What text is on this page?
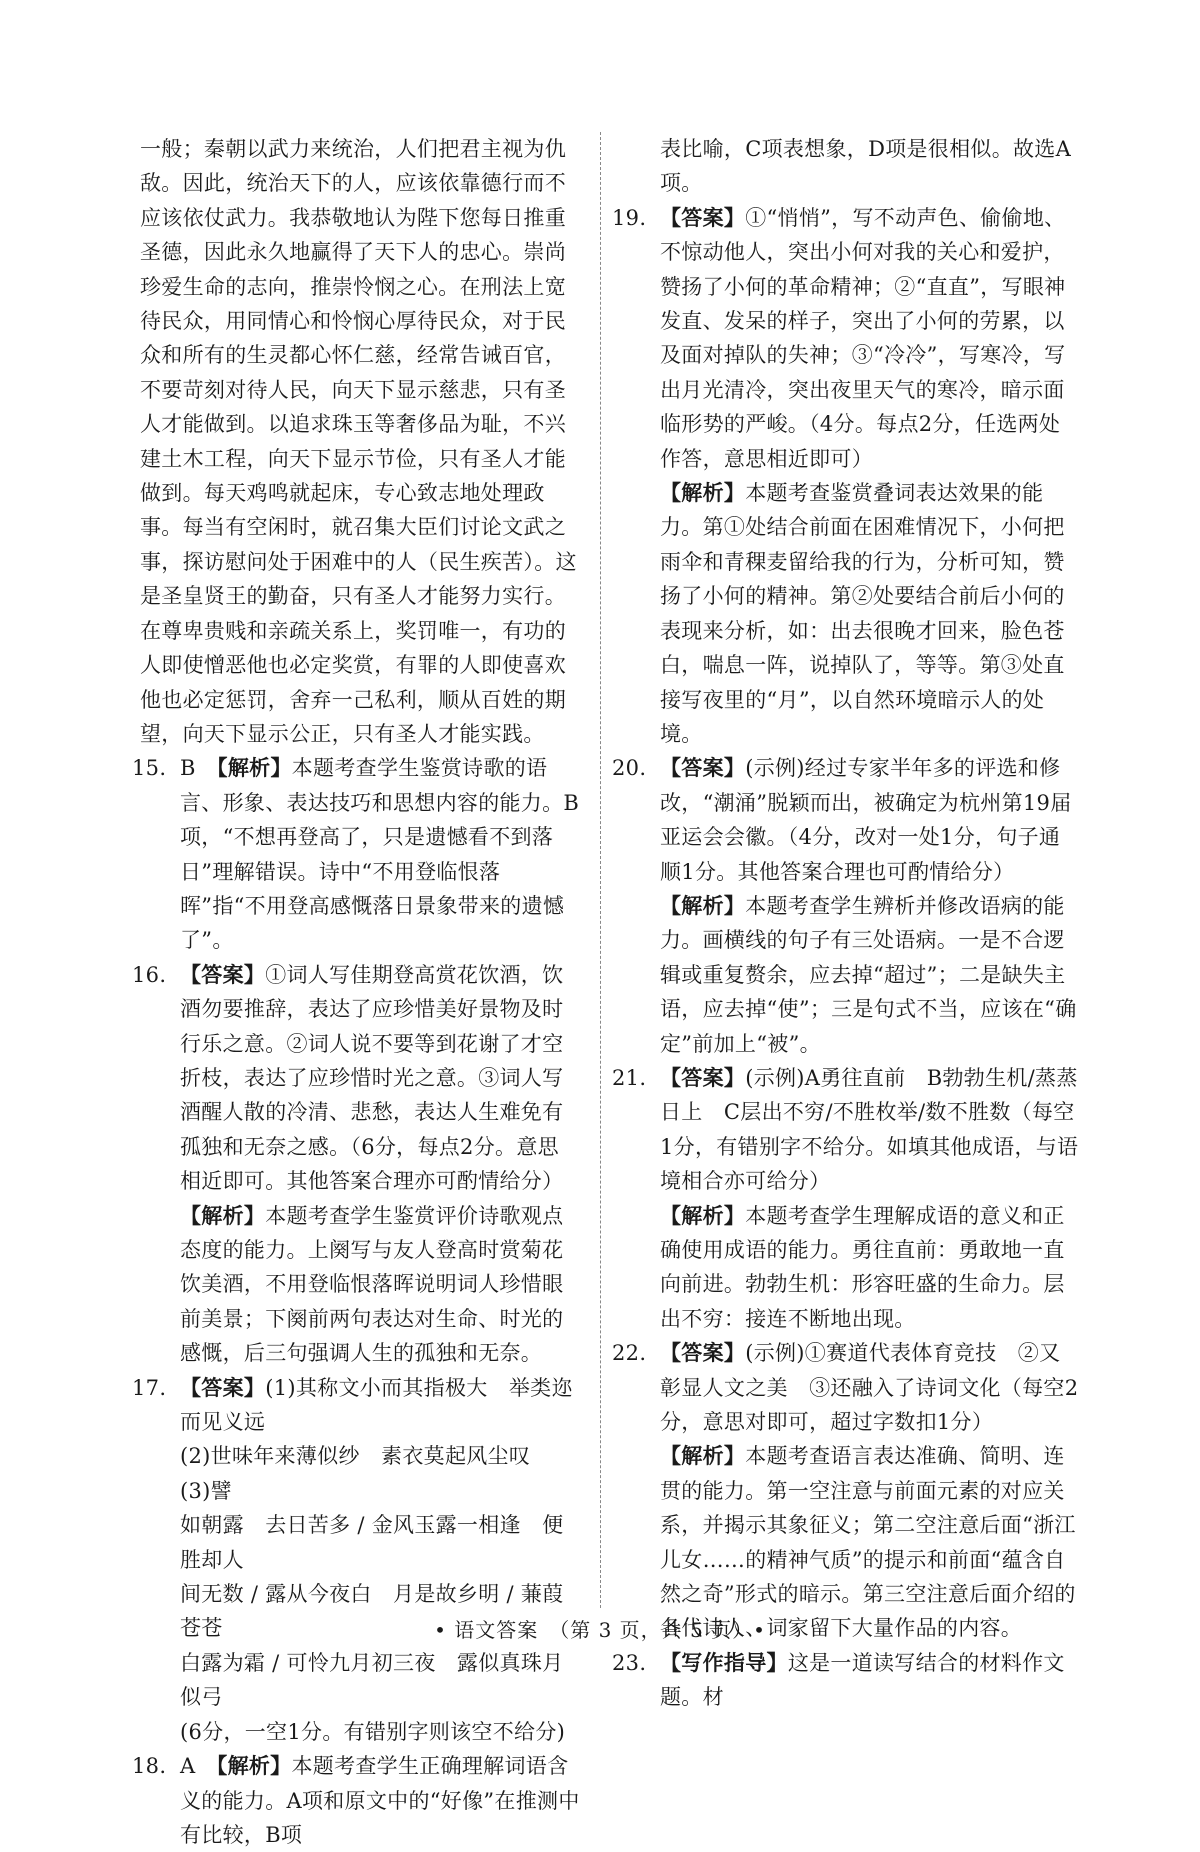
一般；秦朝以武力来统治，人们把君主视为仇敌。因此，统治天下的人，应该依靠德行而不应该依仗武力。我恭敬地认为陛下您每日推重圣德，因此永久地赢得了天下人的忠心。崇尚珍爱生命的志向，推崇怜悯之心。在刑法上宽待民众，用同情心和怜悯心厚待民众，对于民众和所有的生灵都心怀仁慈，经常告诫百官，不要苛刻对待人民，向天下显示慈悲，只有圣人才能做到。以追求珠玉等奢侈品为耻，不兴建土木工程，向天下显示节俭，只有圣人才能做到。每天鸡鸣就起床，专心致志地处理政事。每当有空闲时，就召集大臣们讨论文武之事，探访慰问处于困难中的人（民生疾苦）。这是圣皇贤王的勤奋，只有圣人才能努力实行。在尊卑贵贱和亲疏关系上，奖罚唯一，有功的人即使憎恶他也必定奖赏，有罪的人即使喜欢他也必定惩罚，舍弃一己私利，顺从百姓的期望，向天下显示公正，只有圣人才能实践。
15. B　 【解析】本题考查学生鉴赏诗歌的语言、形象、表达技巧和思想内容的能力。B项，“不想再登高了，只是遗憾看不到落日”理解错误。诗中“不用登临恨落晖”指“不用登高感慨落日景象带来的遗憾了”。
16. 【答案】①词人写佳期登高赏花饮酒，饮酒勿要推辞，表达了应珍惜美好景物及时行乐之意。②词人说不要等到花谢了才空折枝，表达了应珍惜时光之意。③词人写酒醒人散的冷清、悲愁，表达人生难免有孤独和无奈之感。（6分，每点2分。意思相近即可。其他答案合理亦可酌情给分）
【解析】本题考查学生鉴赏评价诗歌观点态度的能力。上阕写与友人登高时赏菊花饮美酒，不用登临恨落晖说明词人珍惜眼前美景；下阕前两句表达对生命、时光的感慨，后三句强调人生的孤独和无奈。
17. 【答案】(1)其称文小而其指极大　举类迩而见义远
(2)世味年来薄似纱　素衣莫起风尘叹　(3)譬
如朝露　去日苦多 / 金风玉露一相逢　便胜却人
间无数 / 露从今夜白　月是故乡明 / 蒹葭苍苍
白露为霜 / 可怜九月初三夜　露似真珠月似弓
(6分，一空1分。有错别字则该空不给分)
18. A　 【解析】本题考查学生正确理解词语含义的能力。A项和原文中的“好像”在推测中有比较，B项
表比喻，C项表想象，D项是很相似。故选A项。
19. 【答案】①“悄悄”，写不动声色、偷偷地、不惊动他人，突出小何对我的关心和爱护，赞扬了小何的革命精神；②“直直”，写眼神发直、发呆的样子，突出了小何的劳累，以及面对掉队的失神；③“冷冷”，写寒冷，写出月光清冷，突出夜里天气的寒冷，暗示面临形势的严峻。（4分。每点2分，任选两处作答，意思相近即可）
【解析】本题考查鉴赏叠词表达效果的能力。第①处结合前面在困难情况下，小何把雨伞和青稞麦留给我的行为，分析可知，赞扬了小何的精神。第②处要结合前后小何的表现来分析，如：出去很晚才回来，脸色苍白，喘息一阵，说掉队了，等等。第③处直接写夜里的“月”，以自然环境暗示人的处境。
20. 【答案】(示例)经过专家半年多的评选和修改，“潮涌”脱颖而出，被确定为杭州第19届亚运会会徽。（4分，改对一处1分，句子通顺1分。其他答案合理也可酌情给分）
【解析】本题考查学生辨析并修改语病的能力。画横线的句子有三处语病。一是不合逻辑或重复赘余，应去掉“超过”；二是缺失主语，应去掉“使”；三是句式不当，应该在“确定”前加上“被”。
21. 【答案】(示例)A勇往直前　B勃勃生机/蒸蒸日上　C层出不穷/不胜枚举/数不胜数（每空1分，有错别字不给分。如填其他成语，与语境相合亦可给分）
【解析】本题考查学生理解成语的意义和正确使用成语的能力。勇往直前：勇敢地一直向前进。勃勃生机：形容旺盛的生命力。层出不穷：接连不断地出现。
22. 【答案】(示例)①赛道代表体育竞技　②又彰显人文之美　③还融入了诗词文化（每空2分，意思对即可，超过字数扣1分）
【解析】本题考查语言表达准确、简明、连贯的能力。第一空注意与前面元素的对应关系，并揭示其象征义；第二空注意后面“浙江儿女……的精神气质”的提示和前面“蕴含自然之奇”形式的暗示。第三空注意后面介绍的各代诗人、词家留下大量作品的内容。
23. 【写作指导】这是一道读写结合的材料作文题。材
• 语文答案　（第 3 页，共 5 页）•
